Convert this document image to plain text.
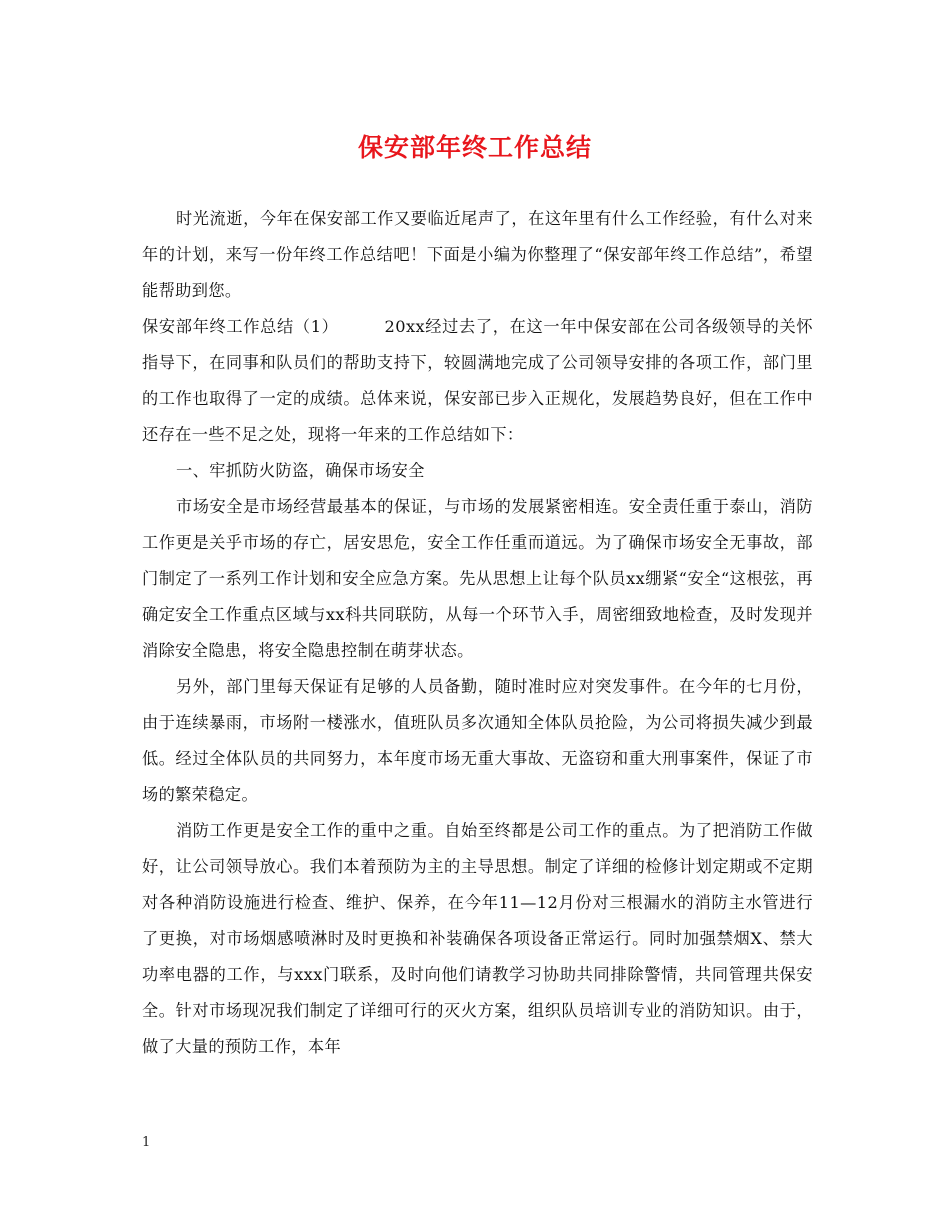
保安部年终工作总结

时光流逝，今年在保安部工作又要临近尾声了，在这年里有什么工作经验，有什么对来年的计划，来写一份年终工作总结吧！下面是小编为你整理了“保安部年终工作总结”，希望能帮助到您。

保安部年终工作总结（1）	20xx经过去了，在这一年中保安部在公司各级领导的关怀指导下，在同事和队员们的帮助支持下，较圆满地完成了公司领导安排的各项工作，部门里的工作也取得了一定的成绩。总体来说，保安部已步入正规化，发展趋势良好，但在工作中还存在一些不足之处，现将一年来的工作总结如下：

一、牢抓防火防盗，确保市场安全

市场安全是市场经营最基本的保证，与市场的发展紧密相连。安全责任重于泰山，消防工作更是关乎市场的存亡，居安思危，安全工作任重而道远。为了确保市场安全无事故，部门制定了一系列工作计划和安全应急方案。先从思想上让每个队员xx绷紧“安全“这根弦，再确定安全工作重点区域与xx科共同联防，从每一个环节入手，周密细致地检查，及时发现并消除安全隐患，将安全隐患控制在萌芽状态。

另外，部门里每天保证有足够的人员备勤，随时准时应对突发事件。在今年的七月份，由于连续暴雨，市场附一楼涨水，值班队员多次通知全体队员抢险，为公司将损失减少到最低。经过全体队员的共同努力，本年度市场无重大事故、无盗窃和重大刑事案件，保证了市场的繁荣稳定。

消防工作更是安全工作的重中之重。自始至终都是公司工作的重点。为了把消防工作做好，让公司领导放心。我们本着预防为主的主导思想。制定了详细的检修计划定期或不定期对各种消防设施进行检查、维护、保养，在今年11—12月份对三根漏水的消防主水管进行了更换，对市场烟感喷淋时及时更换和补装确保各项设备正常运行。同时加强禁烟X、禁大功率电器的工作，与xxx门联系，及时向他们请教学习协助共同排除警情，共同管理共保安全。针对市场现况我们制定了详细可行的灭火方案，组织队员培训专业的消防知识。由于，做了大量的预防工作，本年

1
